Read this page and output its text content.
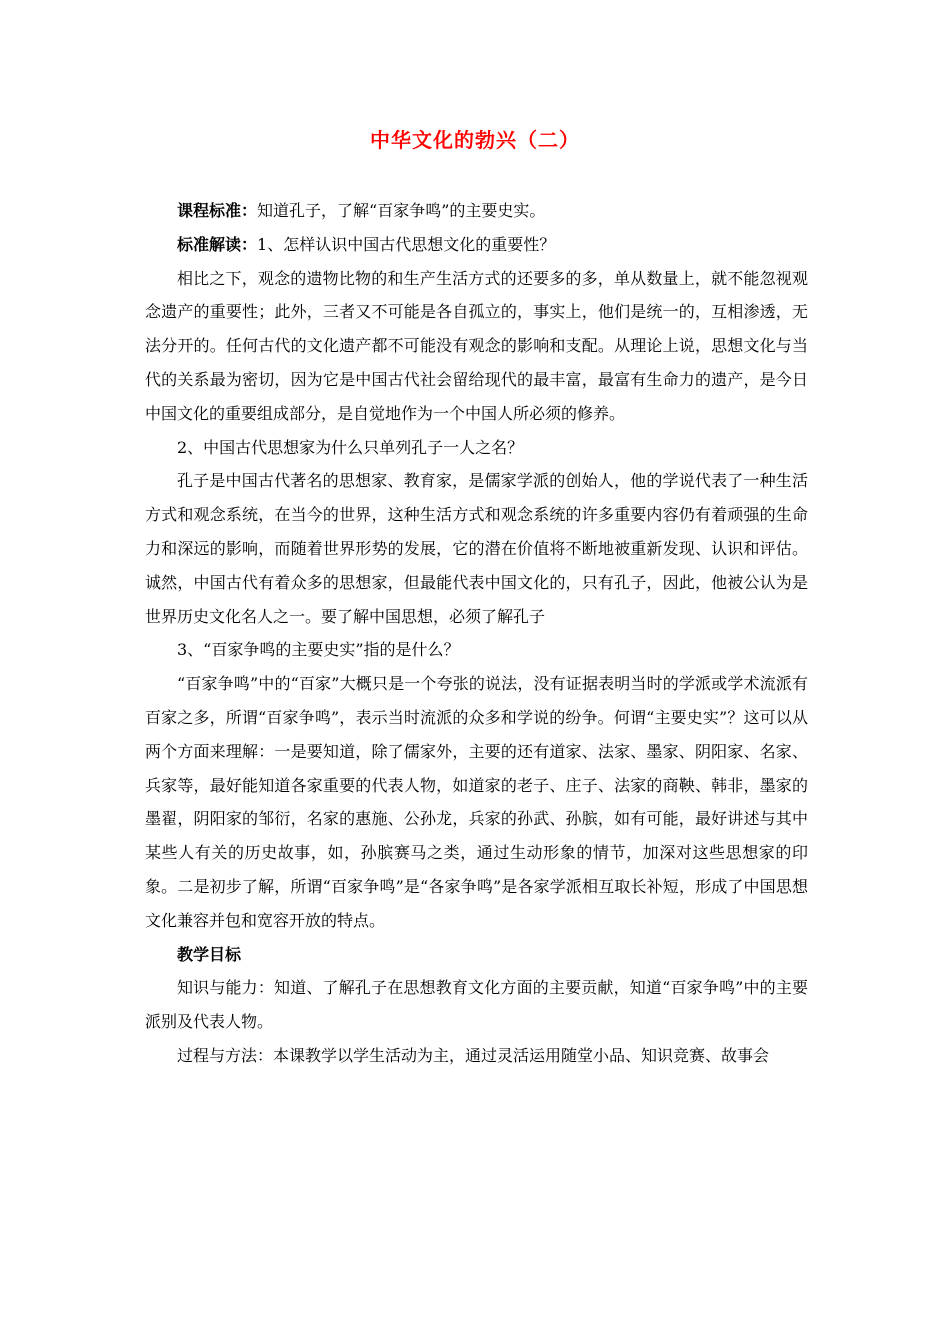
中华文化的勃兴（二）

课程标准：知道孔子，了解“百家争鸣”的主要史实。

标准解读：1、怎样认识中国古代思想文化的重要性？

相比之下，观念的遗物比物的和生产生活方式的还要多的多，单从数量上，就不能忽视观念遗产的重要性；此外，三者又不可能是各自孤立的，事实上，他们是统一的，互相渗透，无法分开的。任何古代的文化遗产都不可能没有观念的影响和支配。从理论上说，思想文化与当代的关系最为密切，因为它是中国古代社会留给现代的最丰富，最富有生命力的遗产，是今日中国文化的重要组成部分，是自觉地作为一个中国人所必须的修养。

2、中国古代思想家为什么只单列孔子一人之名？

孔子是中国古代著名的思想家、教育家，是儒家学派的创始人，他的学说代表了一种生活方式和观念系统，在当今的世界，这种生活方式和观念系统的许多重要内容仍有着顽强的生命力和深远的影响，而随着世界形势的发展，它的潜在价值将不断地被重新发现、认识和评估。诚然，中国古代有着众多的思想家，但最能代表中国文化的，只有孔子，因此，他被公认为是世界历史文化名人之一。要了解中国思想，必须了解孔子

3、“百家争鸣的主要史实”指的是什么？

“百家争鸣”中的“百家”大概只是一个夸张的说法，没有证据表明当时的学派或学术流派有百家之多，所谓“百家争鸣”，表示当时流派的众多和学说的纷争。何谓“主要史实”？这可以从两个方面来理解：一是要知道，除了儒家外，主要的还有道家、法家、墨家、阴阳家、名家、兵家等，最好能知道各家重要的代表人物，如道家的老子、庄子、法家的商鞅、韩非，墨家的墨翟，阴阳家的邹衍，名家的惠施、公孙龙，兵家的孙武、孙膑，如有可能，最好讲述与其中某些人有关的历史故事，如，孙膑赛马之类，通过生动形象的情节，加深对这些思想家的印象。二是初步了解，所谓“百家争鸣”是“各家争鸣”是各家学派相互取长补短，形成了中国思想文化兼容并包和宽容开放的特点。

教学目标

知识与能力：知道、了解孔子在思想教育文化方面的主要贡献，知道“百家争鸣”中的主要派别及代表人物。

过程与方法：本课教学以学生活动为主，通过灵活运用随堂小品、知识竞赛、故事会
